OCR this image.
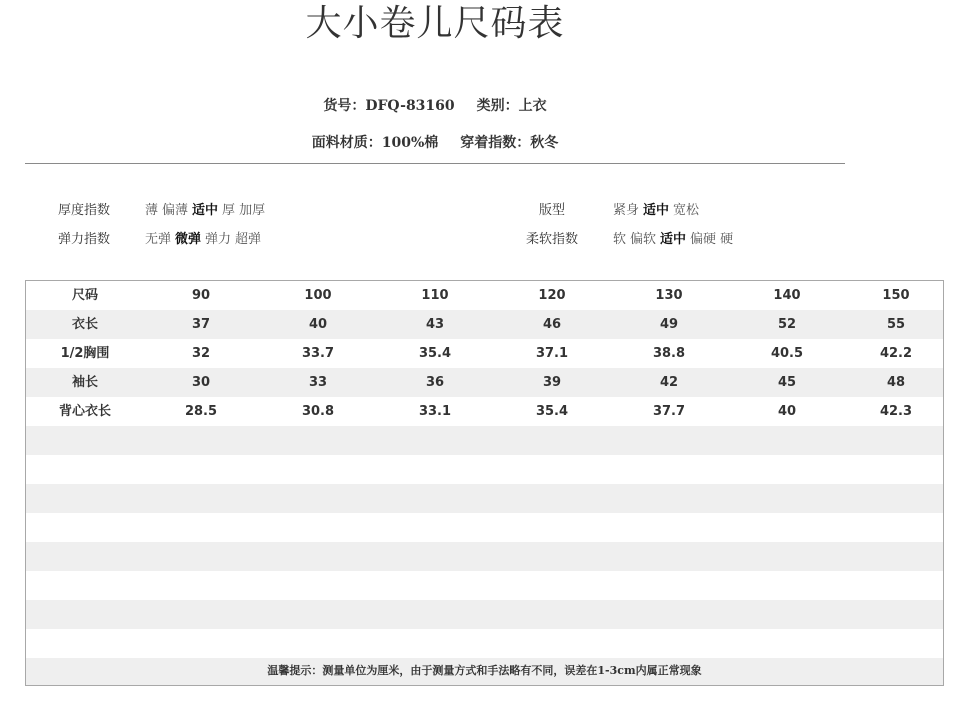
大小卷儿尺码表
货号：DFQ-83160 类别：上衣
面料材质：100%棉 穿着指数：秋冬
厚度指数	薄 偏薄 适中 厚 加厚	版型	紧身 适中 宽松
弹力指数	无弹 微弹 弹力 超弹	柔软指数	软 偏软 适中 偏硬 硬
尺码	90	100	110	120	130	140	150
衣长	37	40	43	46	49	52	55
1/2胸围	32	33.7	35.4	37.1	38.8	40.5	42.2
袖长	30	33	36	39	42	45	48
背心衣长	28.5	30.8	33.1	35.4	37.7	40	42.3
温馨提示：测量单位为厘米，由于测量方式和手法略有不同，误差在1-3cm内属正常现象
